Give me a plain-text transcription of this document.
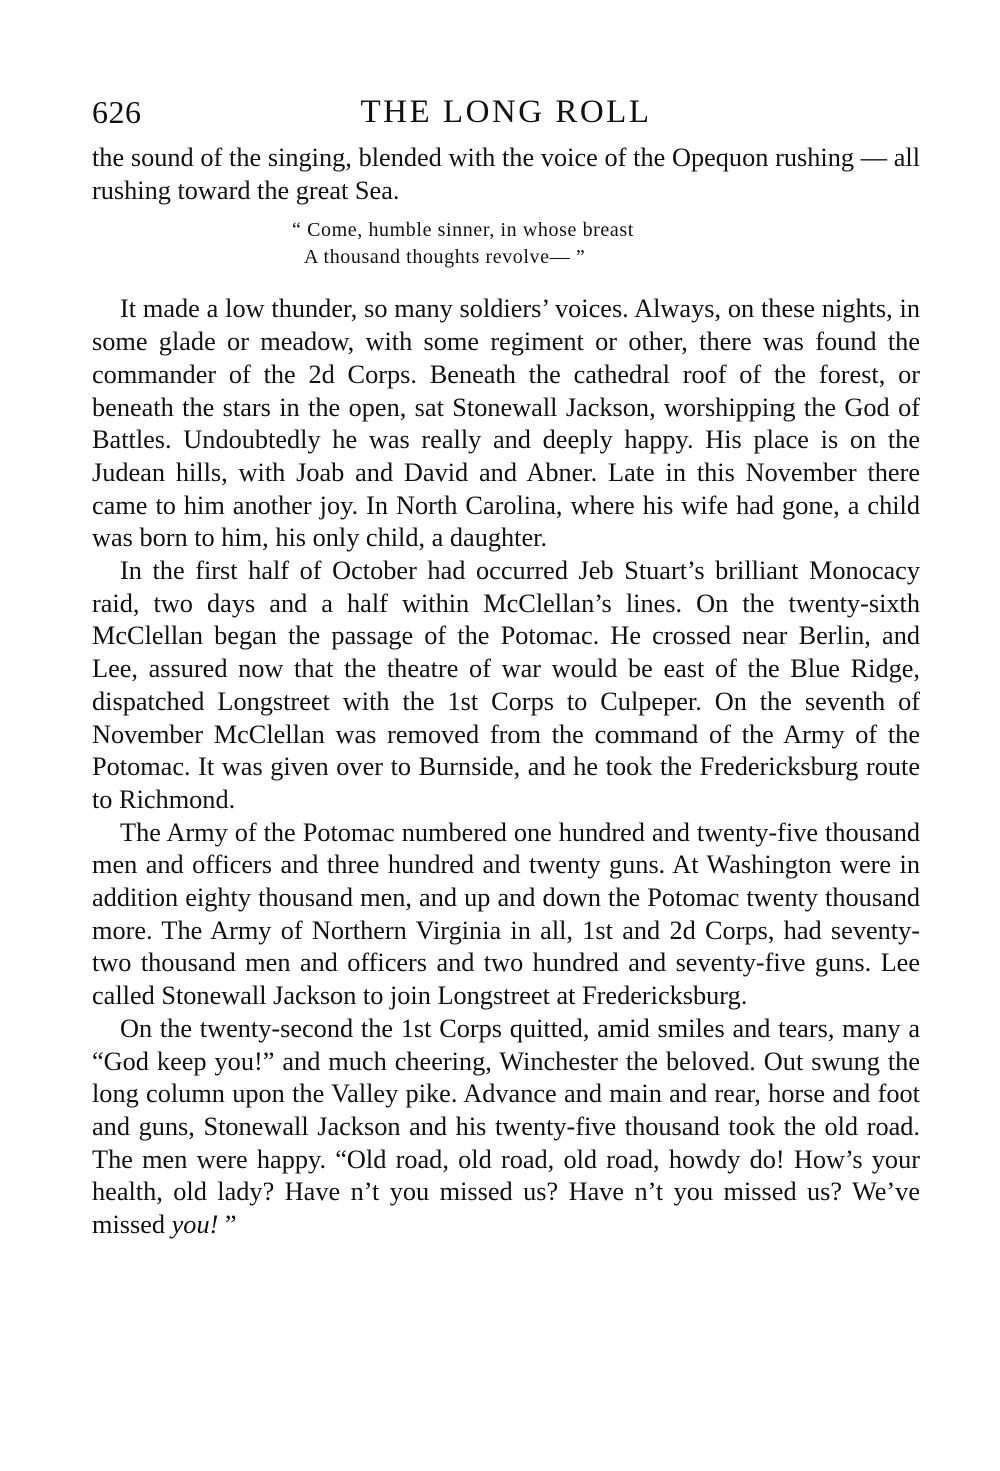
626	THE LONG ROLL

the sound of the singing, blended with the voice of the Opequon rushing — all rushing toward the great Sea.

“ Come, humble sinner, in whose breast
A thousand thoughts revolve— ”

It made a low thunder, so many soldiers’ voices. Always, on these nights, in some glade or meadow, with some regiment or other, there was found the commander of the 2d Corps. Beneath the cathedral roof of the forest, or beneath the stars in the open, sat Stonewall Jackson, worshipping the God of Battles. Undoubtedly he was really and deeply happy. His place is on the Judean hills, with Joab and David and Abner. Late in this November there came to him another joy. In North Carolina, where his wife had gone, a child was born to him, his only child, a daughter.

In the first half of October had occurred Jeb Stuart’s brilliant Monocacy raid, two days and a half within McClellan’s lines. On the twenty-sixth McClellan began the passage of the Potomac. He crossed near Berlin, and Lee, assured now that the theatre of war would be east of the Blue Ridge, dispatched Longstreet with the 1st Corps to Culpeper. On the seventh of November McClellan was removed from the command of the Army of the Potomac. It was given over to Burnside, and he took the Fredericksburg route to Richmond.

The Army of the Potomac numbered one hundred and twenty-five thousand men and officers and three hundred and twenty guns. At Washington were in addition eighty thousand men, and up and down the Potomac twenty thousand more. The Army of Northern Virginia in all, 1st and 2d Corps, had seventy-two thousand men and officers and two hundred and seventy-five guns. Lee called Stonewall Jackson to join Longstreet at Fredericksburg.

On the twenty-second the 1st Corps quitted, amid smiles and tears, many a “God keep you!” and much cheering, Winchester the beloved. Out swung the long column upon the Valley pike. Advance and main and rear, horse and foot and guns, Stonewall Jackson and his twenty-five thousand took the old road. The men were happy. “Old road, old road, old road, howdy do! How’s your health, old lady? Have n’t you missed us? Have n’t you missed us? We’ve missed you! ”
